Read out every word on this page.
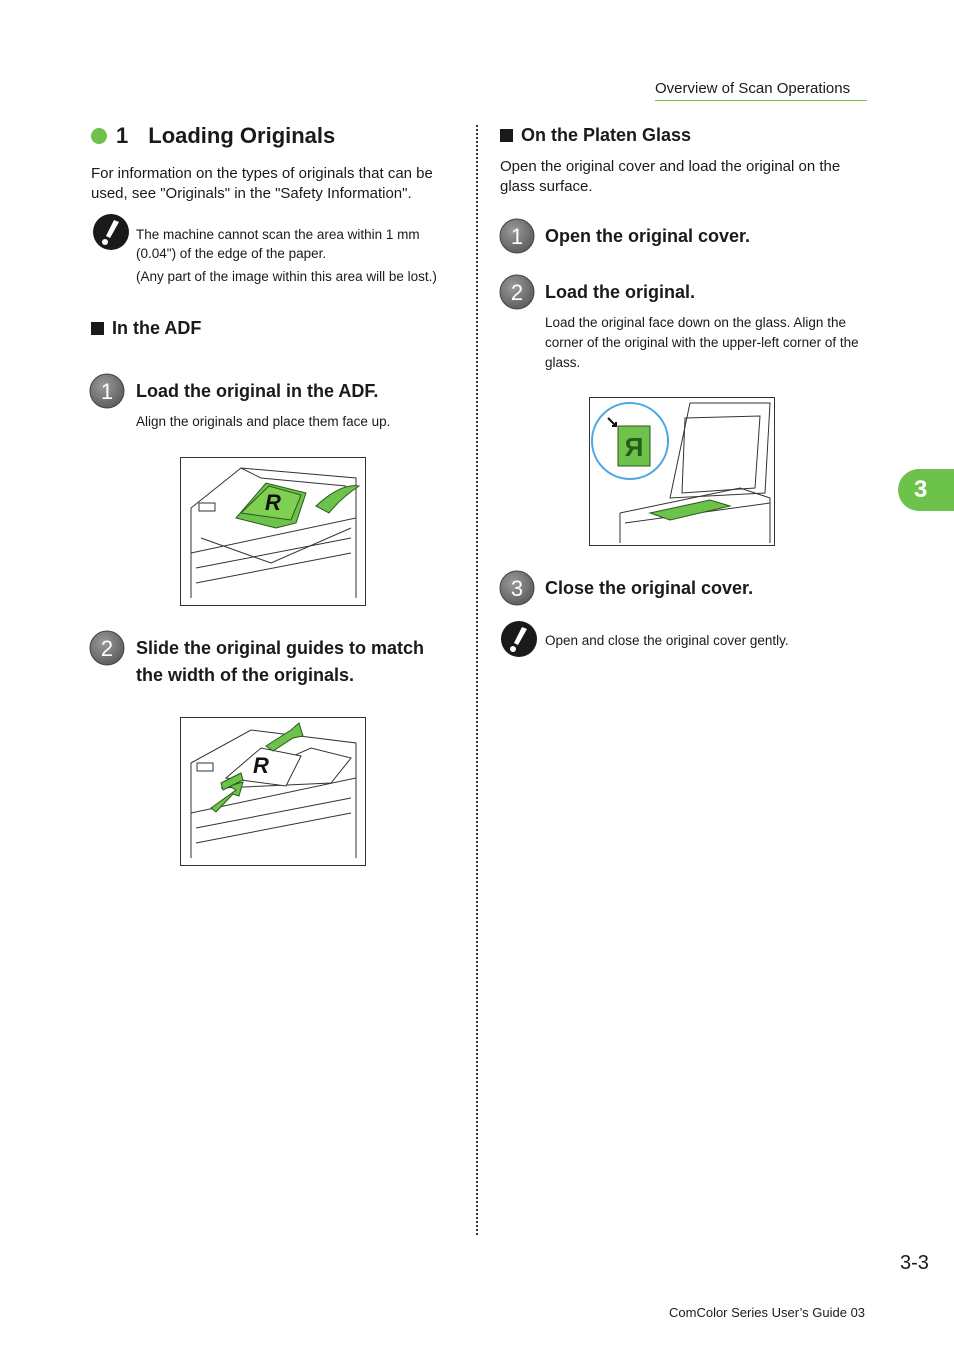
Overview of Scan Operations
1 Loading Originals
For information on the types of originals that can be used, see "Originals" in the "Safety Information".
The machine cannot scan the area within 1 mm (0.04") of the edge of the paper.
(Any part of the image within this area will be lost.)
In the ADF
1 Load the original in the ADF.
Align the originals and place them face up.
R
2 Slide the original guides to match the width of the originals.
R
On the Platen Glass
Open the original cover and load the original on the glass surface.
1 Open the original cover.
2 Load the original.
Load the original face down on the glass. Align the corner of the original with the upper-left corner of the glass.
R
3 Close the original cover.
Open and close the original cover gently.
3
3-3
ComColor Series User’s Guide 03
